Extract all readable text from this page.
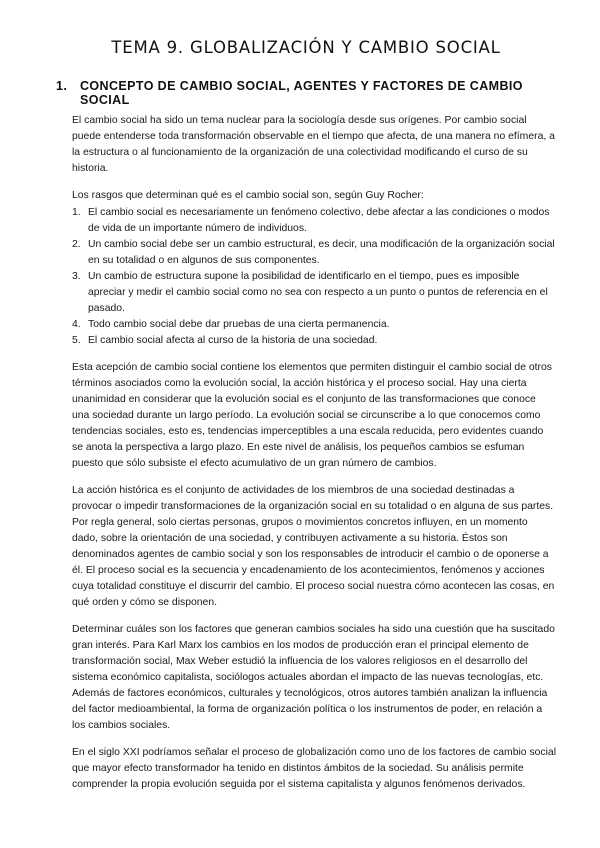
TEMA 9. GLOBALIZACIÓN Y CAMBIO SOCIAL
1.	CONCEPTO DE CAMBIO SOCIAL, AGENTES Y FACTORES DE CAMBIO SOCIAL

El cambio social ha sido un tema nuclear para la sociología desde sus orígenes. Por cambio social puede entenderse toda transformación observable en el tiempo que afecta, de una manera no efímera, a la estructura o al funcionamiento de la organización de una colectividad modificando el curso de su historia.

Los rasgos que determinan qué es el cambio social son, según Guy Rocher:

1. El cambio social es necesariamente un fenómeno colectivo, debe afectar a las condiciones o modos de vida de un importante número de individuos.
2. Un cambio social debe ser un cambio estructural, es decir, una modificación de la organización social en su totalidad o en algunos de sus componentes.
3. Un cambio de estructura supone la posibilidad de identificarlo en el tiempo, pues es imposible apreciar y medir el cambio social como no sea con respecto a un punto o puntos de referencia en el pasado.
4. Todo cambio social debe dar pruebas de una cierta permanencia.
5. El cambio social afecta al curso de la historia de una sociedad.

Esta acepción de cambio social contiene los elementos que permiten distinguir el cambio social de otros términos asociados como la evolución social, la acción histórica y el proceso social. Hay una cierta unanimidad en considerar que la evolución social es el conjunto de las transformaciones que conoce una sociedad durante un largo período. La evolución social se circunscribe a lo que conocemos como tendencias sociales, esto es, tendencias imperceptibles a una escala reducida, pero evidentes cuando se anota la perspectiva a largo plazo. En este nivel de análisis, los pequeños cambios se esfuman puesto que sólo subsiste el efecto acumulativo de un gran número de cambios.

La acción histórica es el conjunto de actividades de los miembros de una sociedad destinadas a provocar o impedir transformaciones de la organización social en su totalidad o en alguna de sus partes. Por regla general, solo ciertas personas, grupos o movimientos concretos influyen, en un momento dado, sobre la orientación de una sociedad, y contribuyen activamente a su historia. Éstos son denominados agentes de cambio social y son los responsables de introducir el cambio o de oponerse a él. El proceso social es la secuencia y encadenamiento de los acontecimientos, fenómenos y acciones cuya totalidad constituye el discurrir del cambio. El proceso social nuestra cómo acontecen las cosas, en qué orden y cómo se disponen.

Determinar cuáles son los factores que generan cambios sociales ha sido una cuestión que ha suscitado gran interés. Para Karl Marx los cambios en los modos de producción eran el principal elemento de transformación social, Max Weber estudió la influencia de los valores religiosos en el desarrollo del sistema económico capitalista, sociólogos actuales abordan el impacto de las nuevas tecnologías, etc. Además de factores económicos, culturales y tecnológicos, otros autores también analizan la influencia del factor medioambiental, la forma de organización política o los instrumentos de poder, en relación a los cambios sociales.

En el siglo XXI podríamos señalar el proceso de globalización como uno de los factores de cambio social que mayor efecto transformador ha tenido en distintos ámbitos de la sociedad. Su análisis permite comprender la propia evolución seguida por el sistema capitalista y algunos fenómenos derivados.
